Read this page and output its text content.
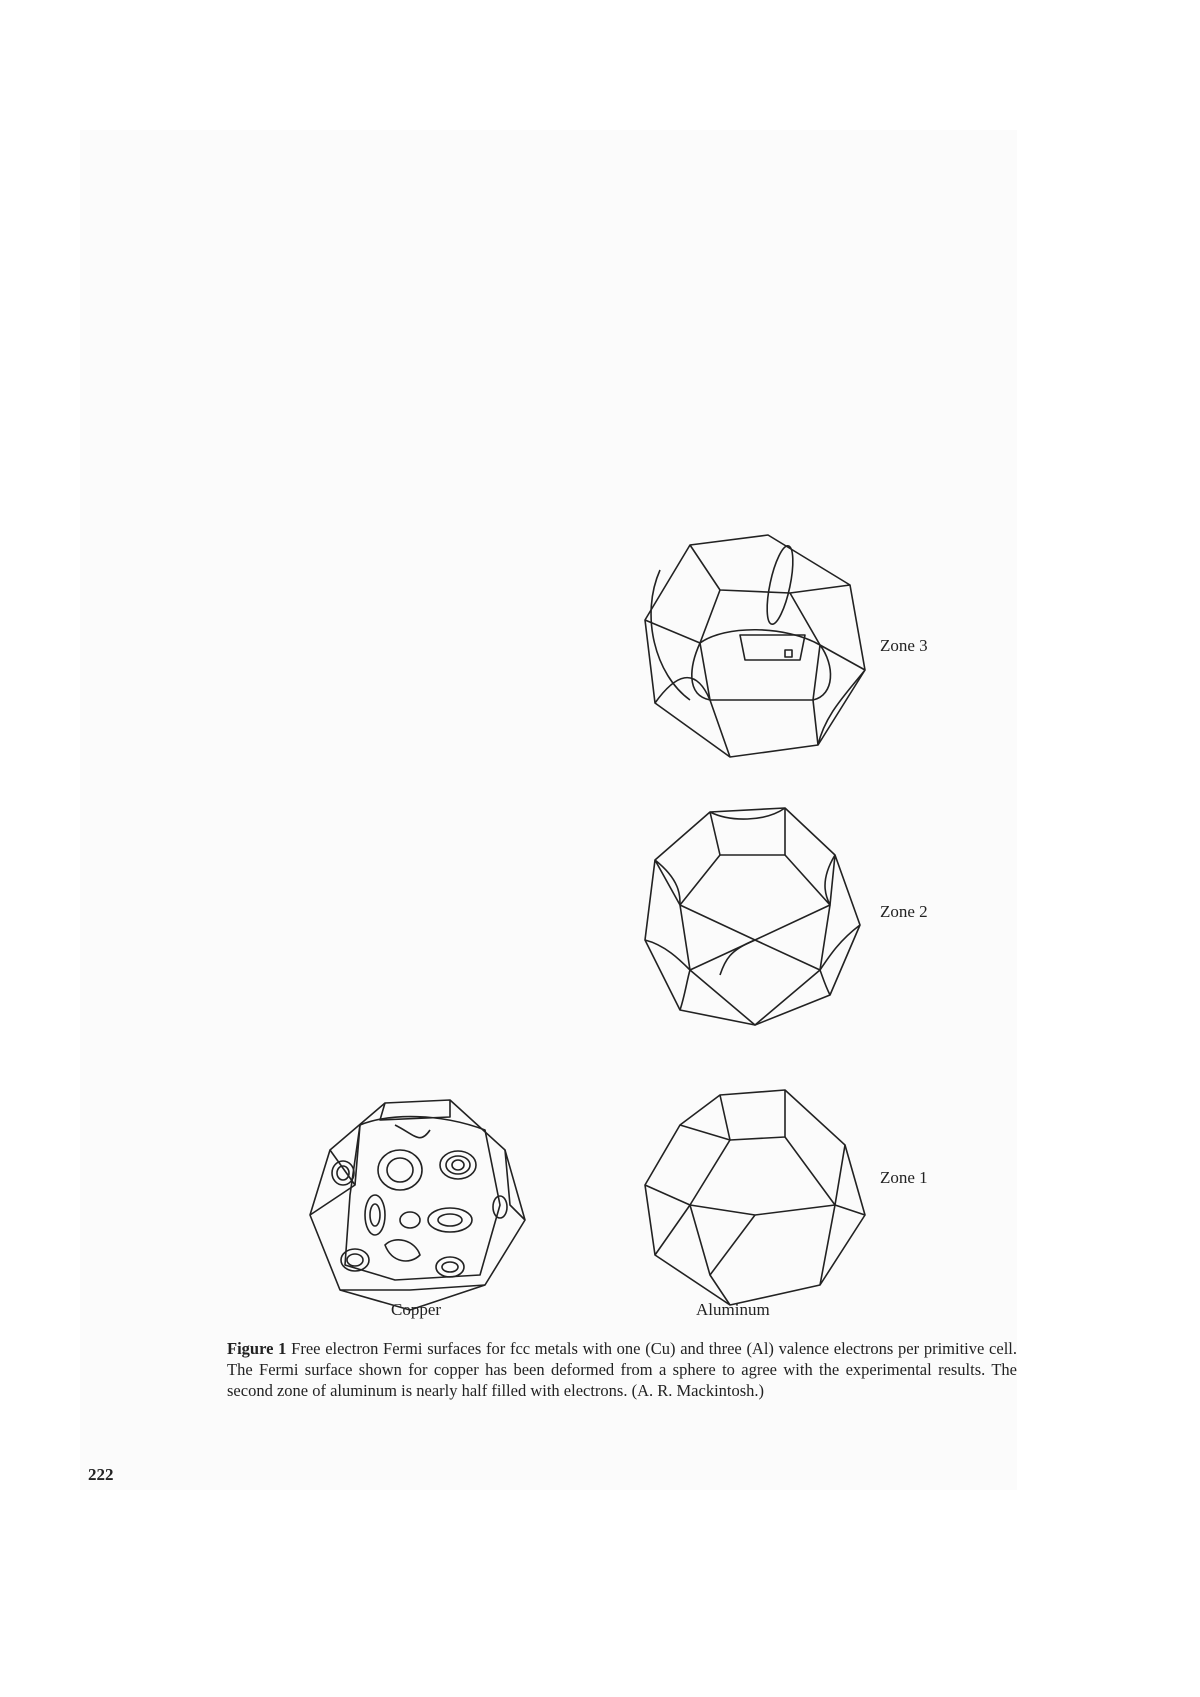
Zone 3
Zone 2
Zone 1
Copper	Aluminum
Figure 1 Free electron Fermi surfaces for fcc metals with one (Cu) and three (Al) valence electrons per primitive cell. The Fermi surface shown for copper has been deformed from a sphere to agree with the experimental results. The second zone of aluminum is nearly half filled with electrons. (A. R. Mackintosh.)
222
